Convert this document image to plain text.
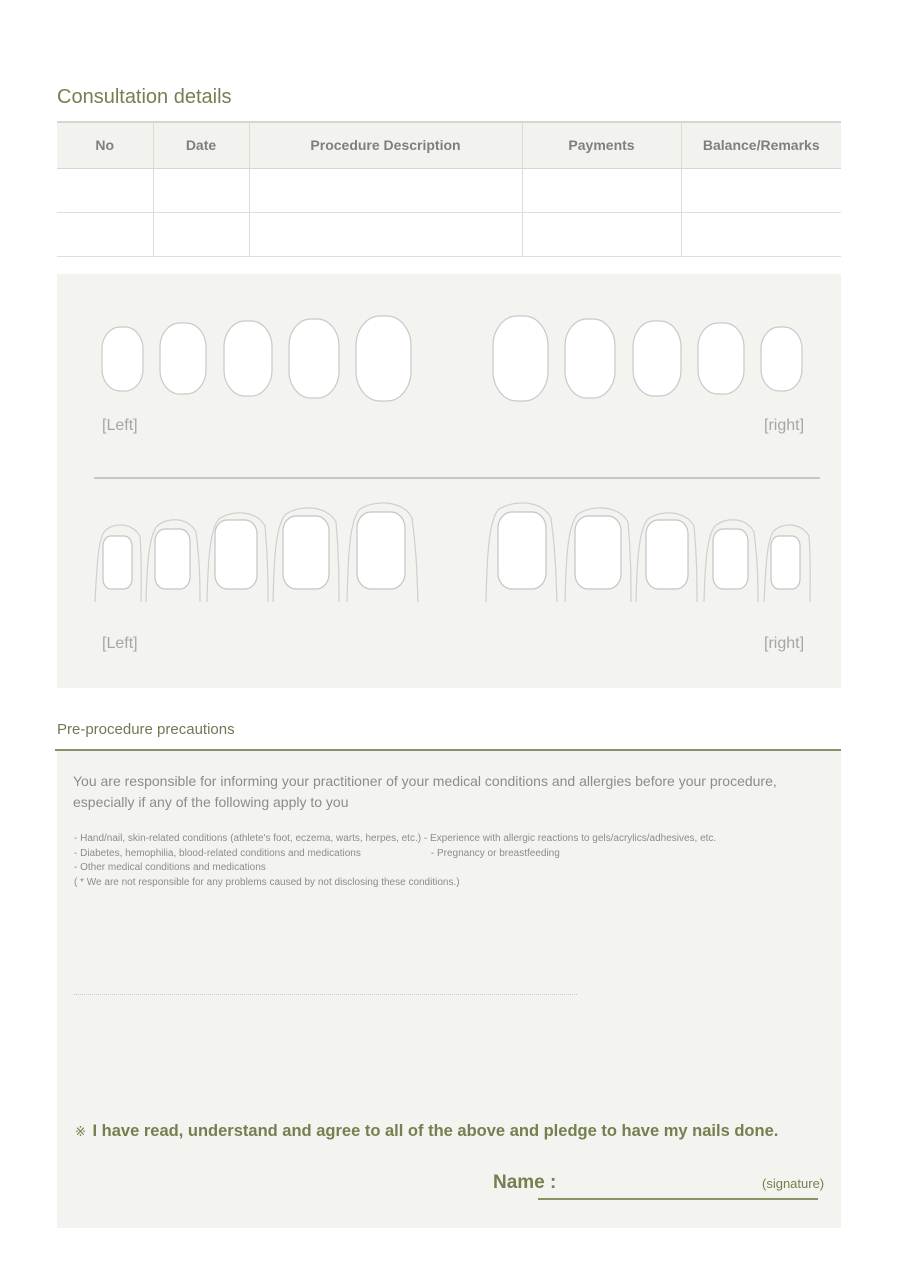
Consultation details
No	Date	Procedure Description	Payments	Balance/Remarks

[Left]	[right]
[Left]	[right]
Pre-procedure precautions
You are responsible for informing your practitioner of your medical conditions and allergies before your procedure, especially if any of the following apply to you
- Hand/nail, skin-related conditions (athlete's foot, eczema, warts, herpes, etc.) - Experience with allergic reactions to gels/acrylics/adhesives, etc.
- Diabetes, hemophilia, blood-related conditions and medications	- Pregnancy or breastfeeding
- Other medical conditions and medications
( * We are not responsible for any problems caused by not disclosing these conditions.)
※ I have read, understand and agree to all of the above and pledge to have my nails done.
Name :	(signature)
